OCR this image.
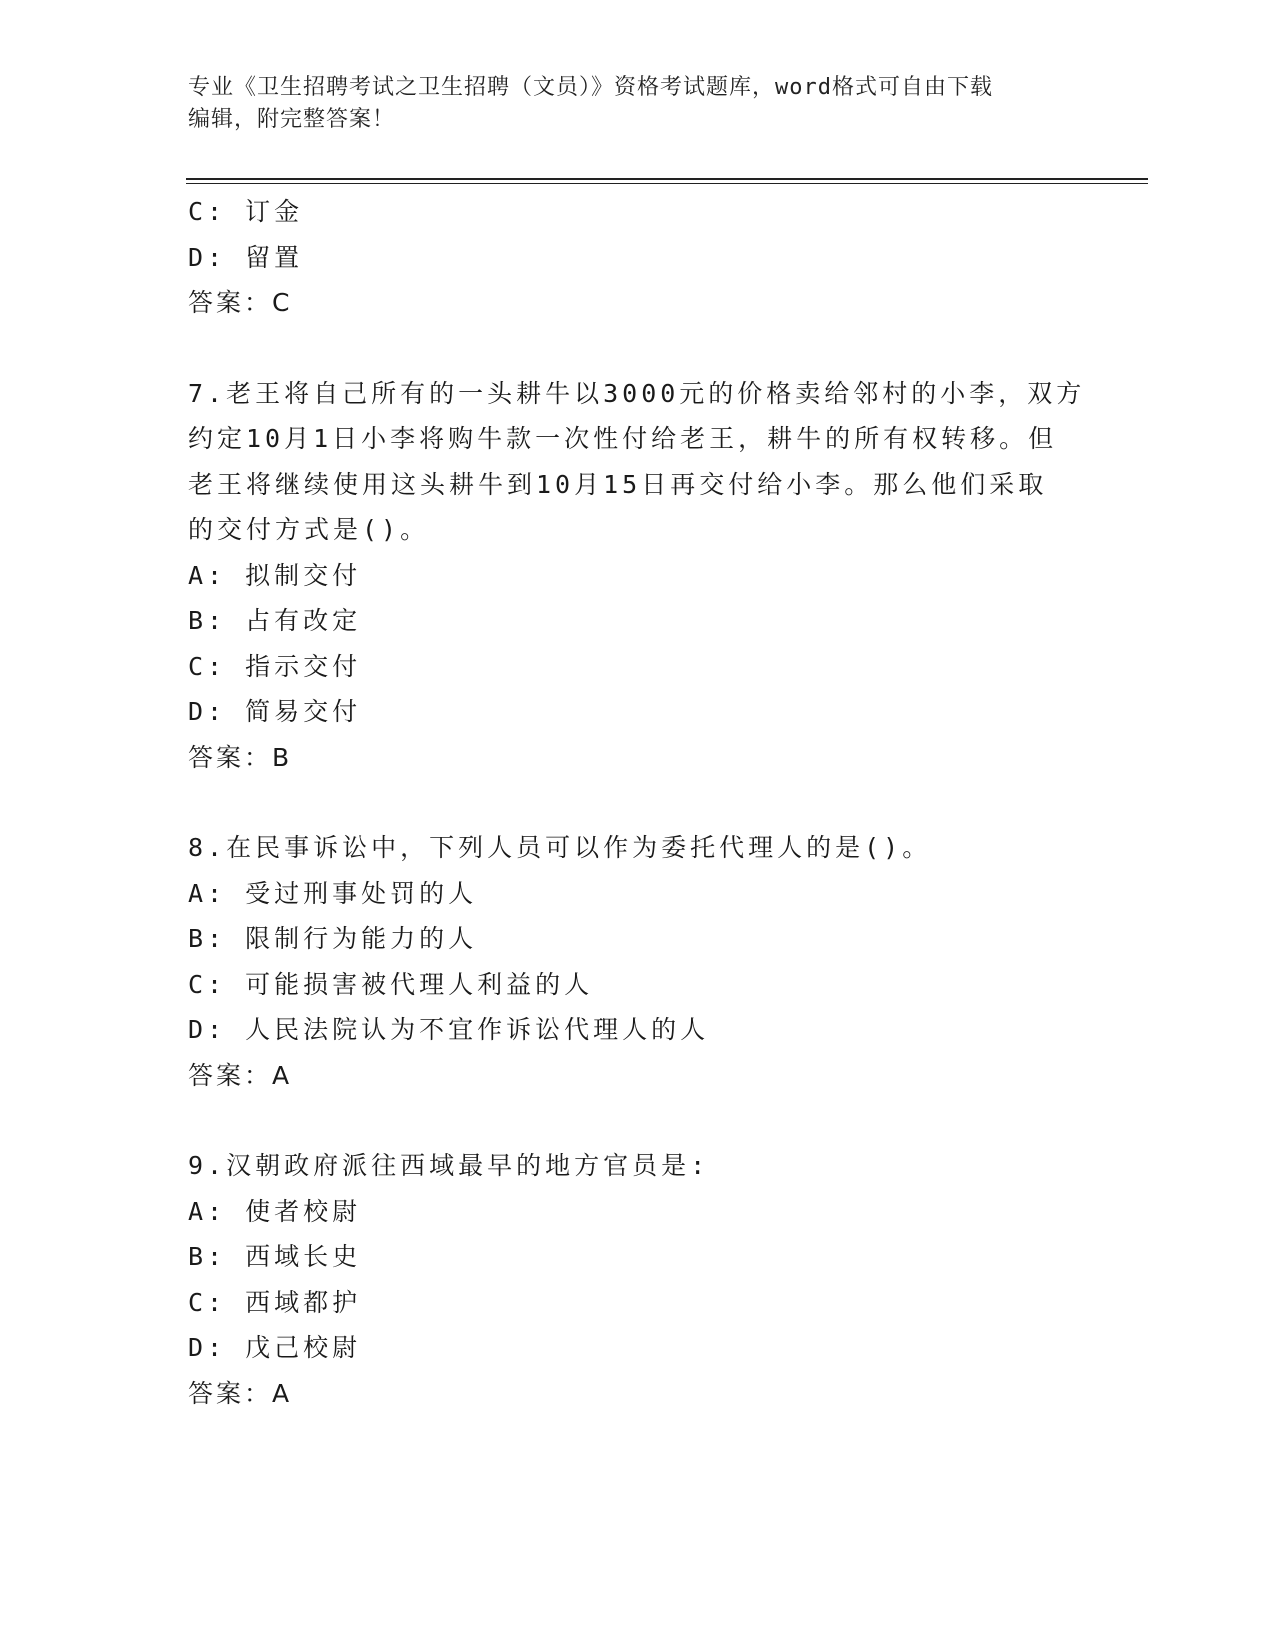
专业《卫生招聘考试之卫生招聘（文员）》资格考试题库，word格式可自由下载
编辑，附完整答案！

C: 订金

D: 留置

答案：C

7.老王将自己所有的一头耕牛以3000元的价格卖给邻村的小李，双方

约定10月1日小李将购牛款一次性付给老王，耕牛的所有权转移。但

老王将继续使用这头耕牛到10月15日再交付给小李。那么他们采取

的交付方式是()。

A: 拟制交付

B: 占有改定

C: 指示交付

D: 简易交付

答案：B

8.在民事诉讼中，下列人员可以作为委托代理人的是()。

A: 受过刑事处罚的人

B: 限制行为能力的人

C: 可能损害被代理人利益的人

D: 人民法院认为不宜作诉讼代理人的人

答案：A

9.汉朝政府派往西域最早的地方官员是:

A: 使者校尉

B: 西域长史

C: 西域都护

D: 戊己校尉

答案：A
